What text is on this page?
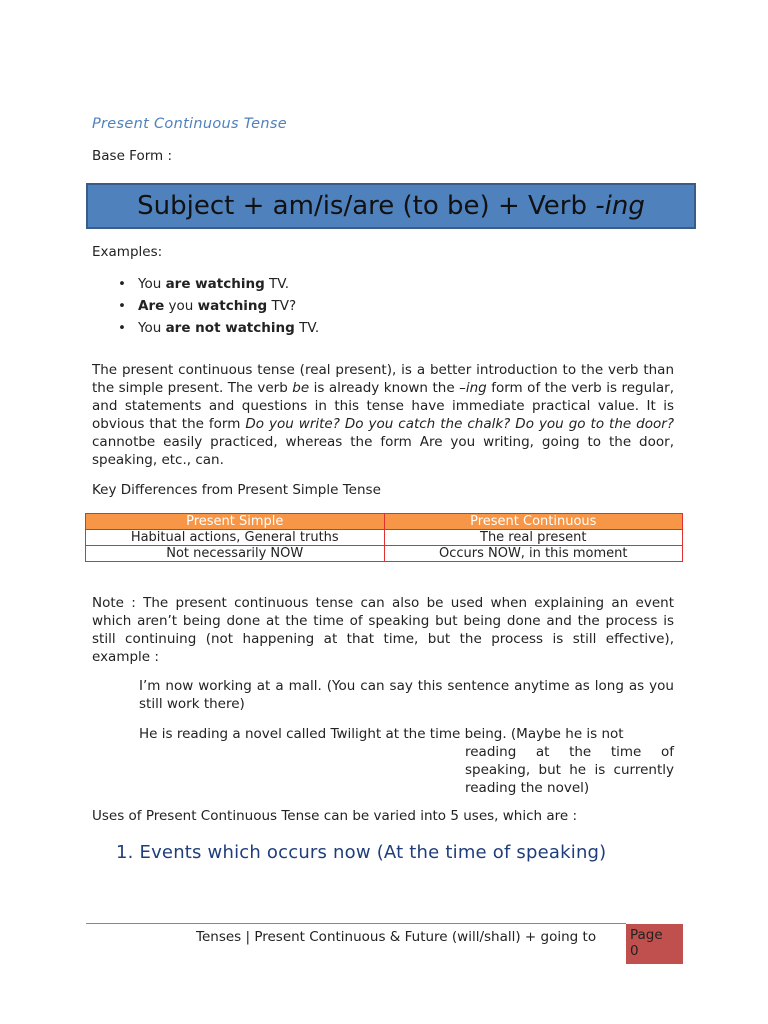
Present Continuous Tense
Base Form :
Subject + am/is/are (to be) + Verb -ing
Examples:
• You are watching TV.
• Are you watching TV?
• You are not watching TV.
The present continuous tense (real present), is a better introduction to the verb than the simple present. The verb be is already known the –ing form of the verb is regular, and statements and questions in this tense have immediate practical value. It is obvious that the form Do you write? Do you catch the chalk? Do you go to the door?cannotbe easily practiced, whereas the form Are you writing, going to the door, speaking, etc., can.
Key Differences from Present Simple Tense
Present Simple	Present Continuous
Habitual actions, General truths	The real present
Not necessarily NOW	Occurs NOW, in this moment
Note : The present continuous tense can also be used when explaining an event which aren’t being done at the time of speaking but being done and the process is still continuing (not happening at that time, but the process is still effective), example :
I’m now working at a mall. (You can say this sentence anytime as long as you still work there)
He is reading a novel called Twilight at the time being. (Maybe he is not
reading at the time of speaking, but he is currently reading the novel)
Uses of Present Continuous Tense can be varied into 5 uses, which are :
1. Events which occurs now (At the time of speaking)
Tenses | Present Continuous & Future (will/shall) + going to	Page
0
